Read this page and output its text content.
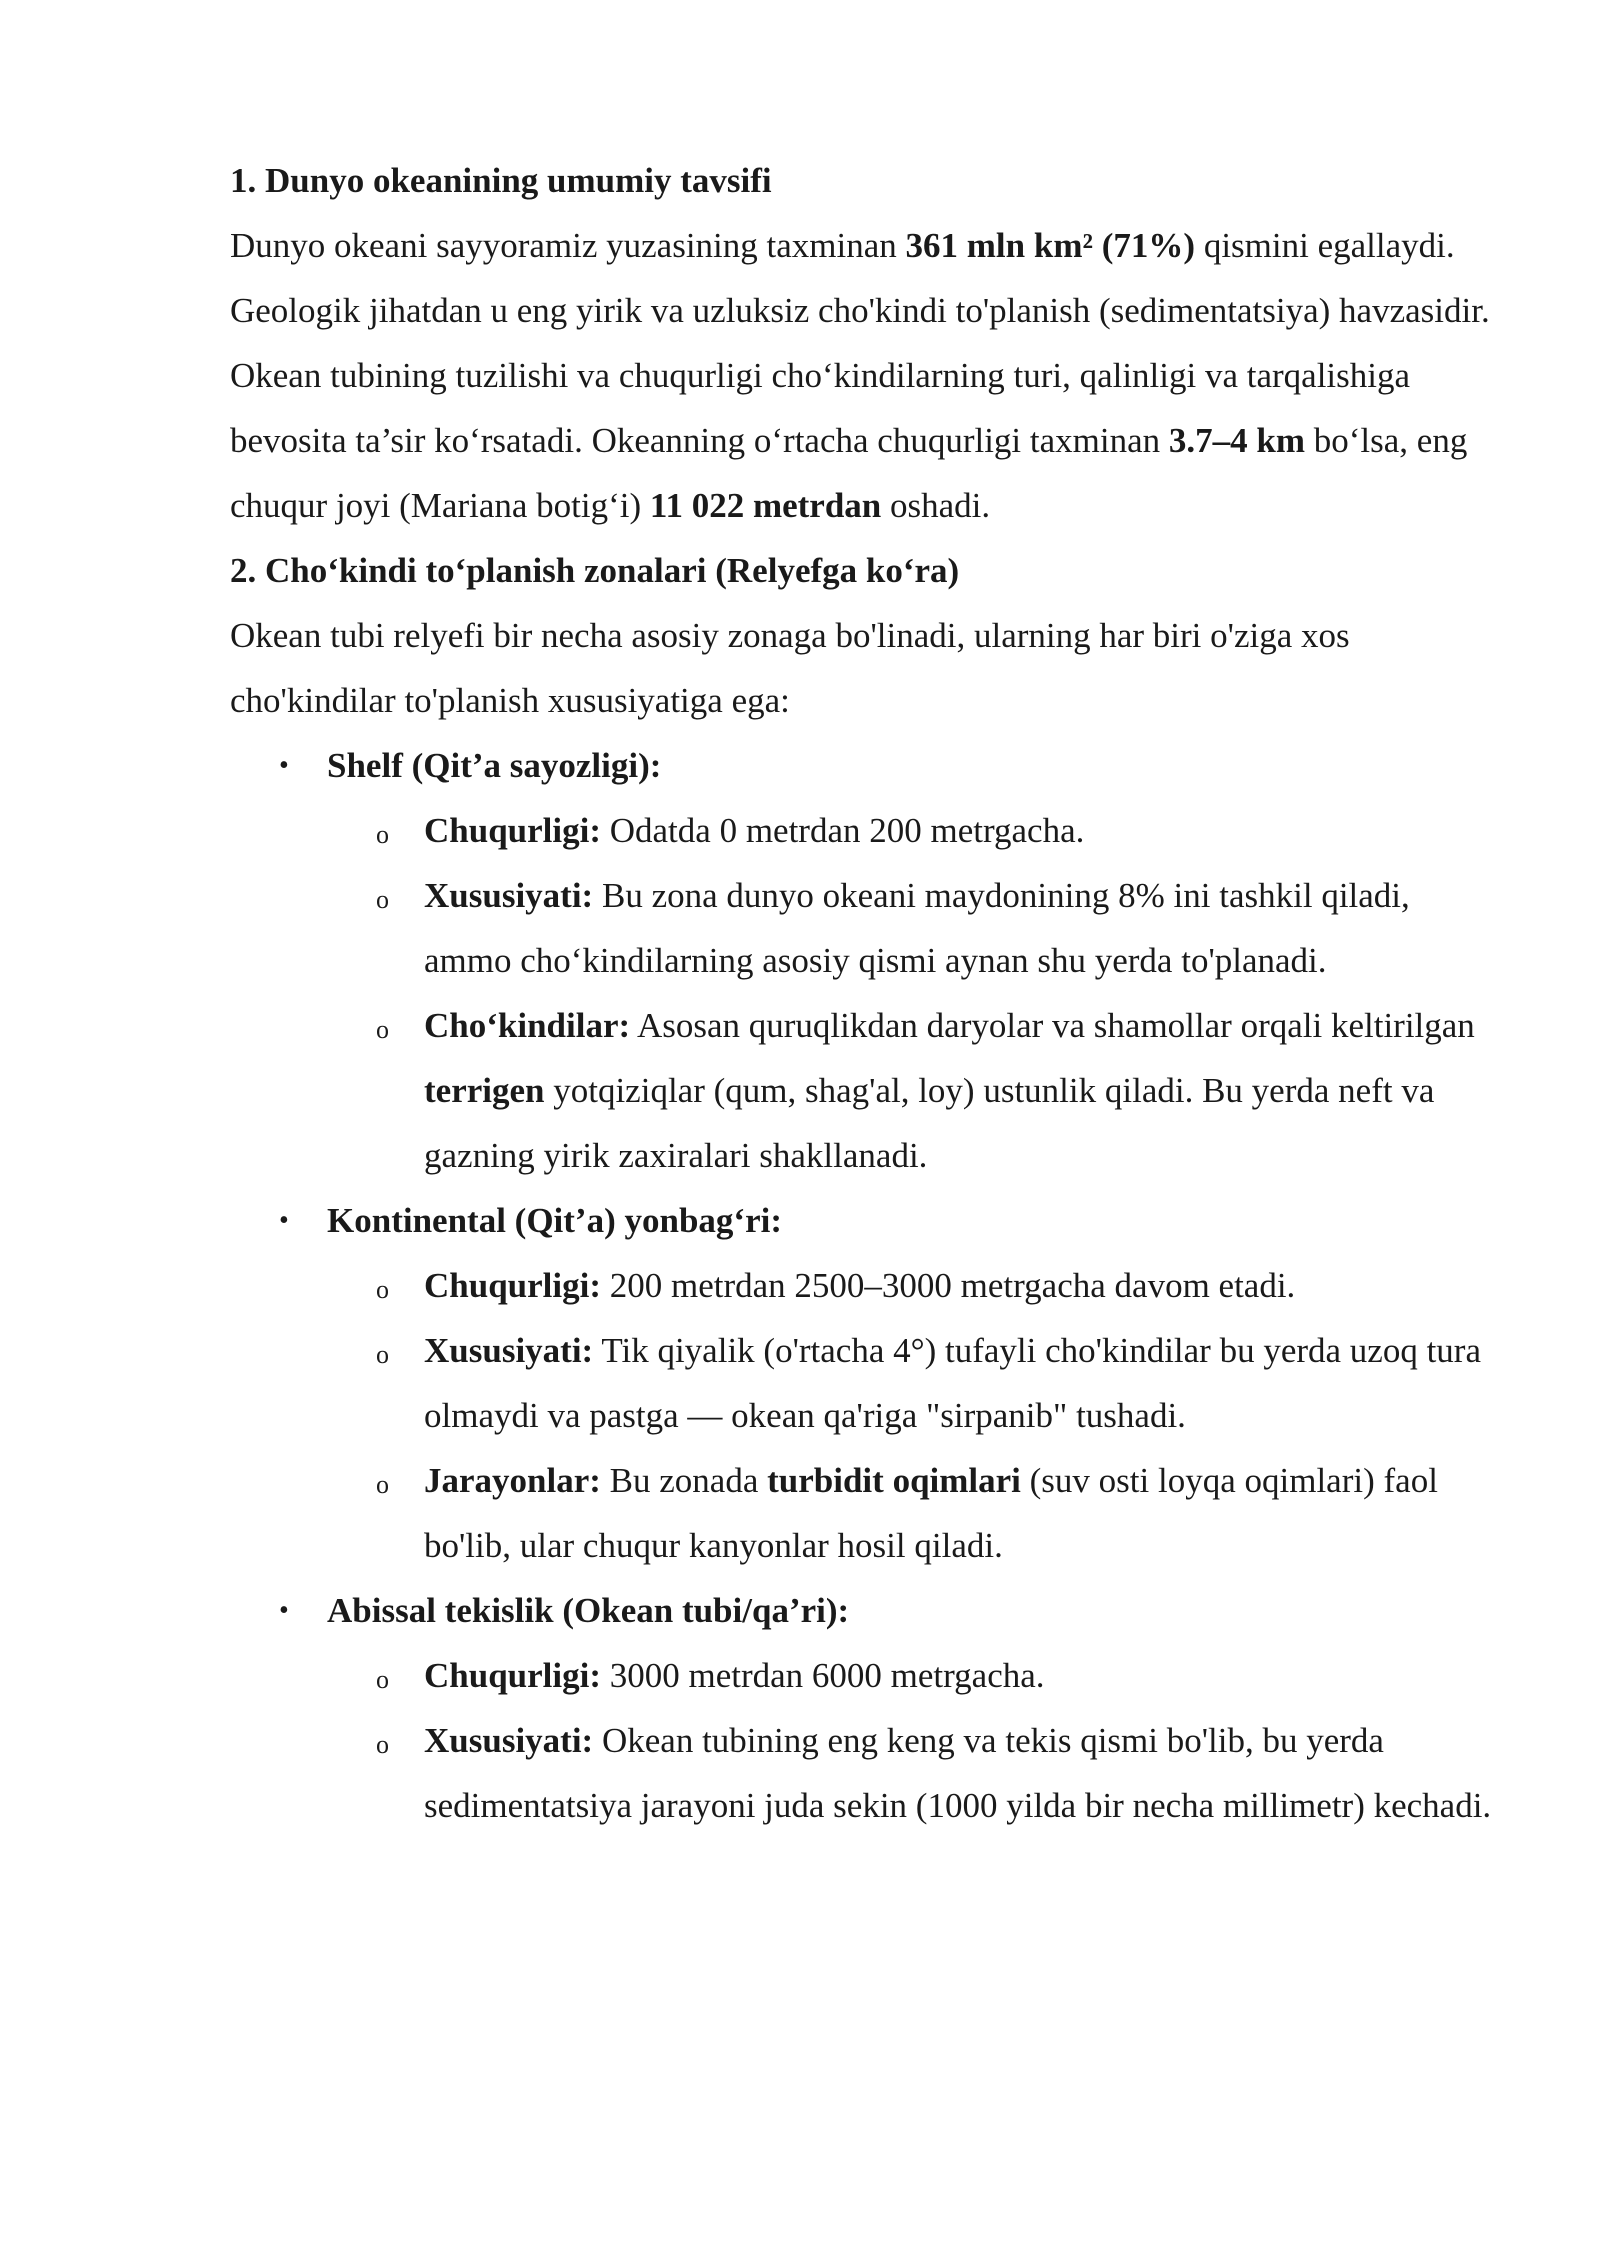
1. Dunyo okeanining umumiy tavsifi

Dunyo okeani sayyoramiz yuzasining taxminan 361 mln km² (71%) qismini egallaydi. Geologik jihatdan u eng yirik va uzluksiz cho'kindi to'planish (sedimentatsiya) havzasidir. Okean tubining tuzilishi va chuqurligi cho‘kindilarning turi, qalinligi va tarqalishiga bevosita ta’sir ko‘rsatadi. Okeanning o‘rtacha chuqurligi taxminan 3.7–4 km bo‘lsa, eng chuqur joyi (Mariana botig‘i) 11 022 metrdan oshadi.

2. Cho‘kindi to‘planish zonalari (Relyefga ko‘ra)

Okean tubi relyefi bir necha asosiy zonaga bo'linadi, ularning har biri o'ziga xos cho'kindilar to'planish xususiyatiga ega:

• Shelf (Qit’a sayozligi):
o Chuqurligi: Odatda 0 metrdan 200 metrgacha.
o Xususiyati: Bu zona dunyo okeani maydonining 8% ini tashkil qiladi, ammo cho‘kindilarning asosiy qismi aynan shu yerda to'planadi.
o Cho‘kindilar: Asosan quruqlikdan daryolar va shamollar orqali keltirilgan terrigen yotqiziqlar (qum, shag'al, loy) ustunlik qiladi. Bu yerda neft va gazning yirik zaxiralari shakllanadi.
• Kontinental (Qit’a) yonbag‘ri:
o Chuqurligi: 200 metrdan 2500–3000 metrgacha davom etadi.
o Xususiyati: Tik qiyalik (o'rtacha 4°) tufayli cho'kindilar bu yerda uzoq tura olmaydi va pastga — okean qa'riga "sirpanib" tushadi.
o Jarayonlar: Bu zonada turbidit oqimlari (suv osti loyqa oqimlari) faol bo'lib, ular chuqur kanyonlar hosil qiladi.
• Abissal tekislik (Okean tubi/qa’ri):
o Chuqurligi: 3000 metrdan 6000 metrgacha.
o Xususiyati: Okean tubining eng keng va tekis qismi bo'lib, bu yerda sedimentatsiya jarayoni juda sekin (1000 yilda bir necha millimetr) kechadi.
